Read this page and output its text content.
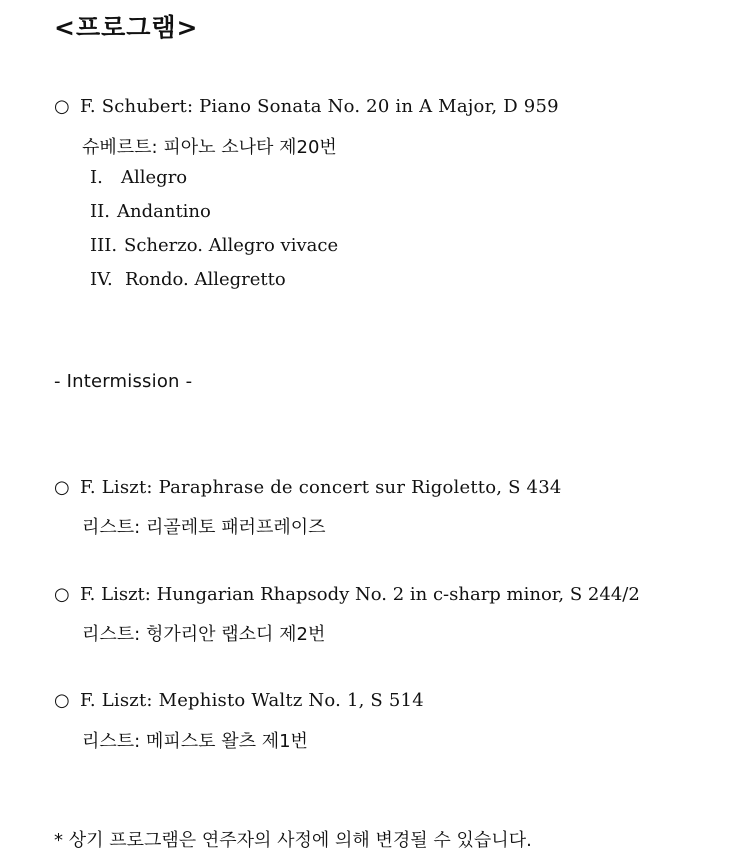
<프로그램>
○ F. Schubert: Piano Sonata No. 20 in A Major, D 959
슈베르트: 피아노 소나타 제20번
I. Allegro
II. Andantino
III. Scherzo. Allegro vivace
IV. Rondo. Allegretto
- Intermission -
○ F. Liszt: Paraphrase de concert sur Rigoletto, S 434
리스트: 리골레토 패러프레이즈
○ F. Liszt: Hungarian Rhapsody No. 2 in c-sharp minor, S 244/2
리스트: 헝가리안 랩소디 제2번
○ F. Liszt: Mephisto Waltz No. 1, S 514
리스트: 메피스토 왈츠 제1번
* 상기 프로그램은 연주자의 사정에 의해 변경될 수 있습니다.
